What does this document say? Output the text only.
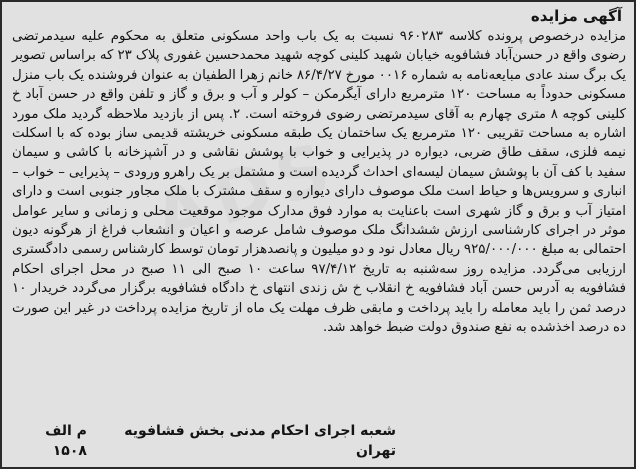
آگهی مزایده

مزایده درخصوص پرونده کلاسه ۹۶۰۲۸۳ نسبت به یک باب واحد مسکونی متعلق به محکوم علیه سیدمرتضی رضوی واقع در حسن‌آباد فشافویه خیابان شهید کلینی کوچه شهید محمدحسین غفوری پلاک ۲۳ که براساس تصویر یک برگ سند عادی مبایعه‌نامه به شماره ۰۰۱۶ مورخ ۸۶/۴/۲۷ خانم زهرا الطفیان به عنوان فروشنده یک باب منزل مسکونی حدوداً به مساحت ۱۲۰ مترمربع دارای آیگرمکن – کولر و آب و برق و گاز و تلفن واقع در حسن آباد خ کلینی کوچه ۸ متری چهارم به آقای سیدمرتضی رضوی فروخته است. ۲. پس از بازدید ملاحظه گردید ملک مورد اشاره به مساحت تقریبی ۱۲۰ مترمربع یک ساختمان یک طبقه مسکونی خریشته قدیمی ساز بوده که با اسکلت نیمه فلزی، سقف طاق ضربی، دیواره در پذیرایی و خواب با پوشش نقاشی و در آشپزخانه با کاشی و سیمان سفید با کف آن با پوشش سیمان لیسه‌ای احداث گردیده است و مشتمل بر یک راهرو ورودی – پذیرایی – خواب – انباری و سرویس‌ها و حیاط است ملک موصوف دارای دیواره و سقف مشترک با ملک مجاور جنوبی است و دارای امتیاز آب و برق و گاز شهری است باعنایت به موارد فوق مدارک موجود موقعیت محلی و زمانی و سایر عوامل موثر در اجرای کارشناسی ارزش ششدانگ ملک موصوف شامل عرصه و اعیان و انشعاب فراغ از هرگونه دیون احتمالی به مبلغ ۹۲۵/۰۰۰/۰۰۰ ریال معادل نود و دو میلیون و پانصدهزار تومان توسط کارشناس رسمی دادگستری ارزیابی می‌گردد. مزایده روز سه‌شنبه به تاریخ ۹۷/۴/۱۲ ساعت ۱۰ صبح الی ۱۱ صبح در محل اجرای احکام فشافویه به آدرس حسن آباد فشافویه خ انقلاب خ ش زندی انتهای خ دادگاه فشافویه برگزار می‌گردد خریدار ۱۰ درصد ثمن را باید معامله را باید پرداخت و مابقی ظرف مهلت یک ماه از تاریخ مزایده پرداخت در غیر این صورت ده درصد اخذشده به نفع صندوق دولت ضبط خواهد شد.

شعبه اجرای احکام مدنی بخش فشافویه تهران
م الف ۱۵۰۸
